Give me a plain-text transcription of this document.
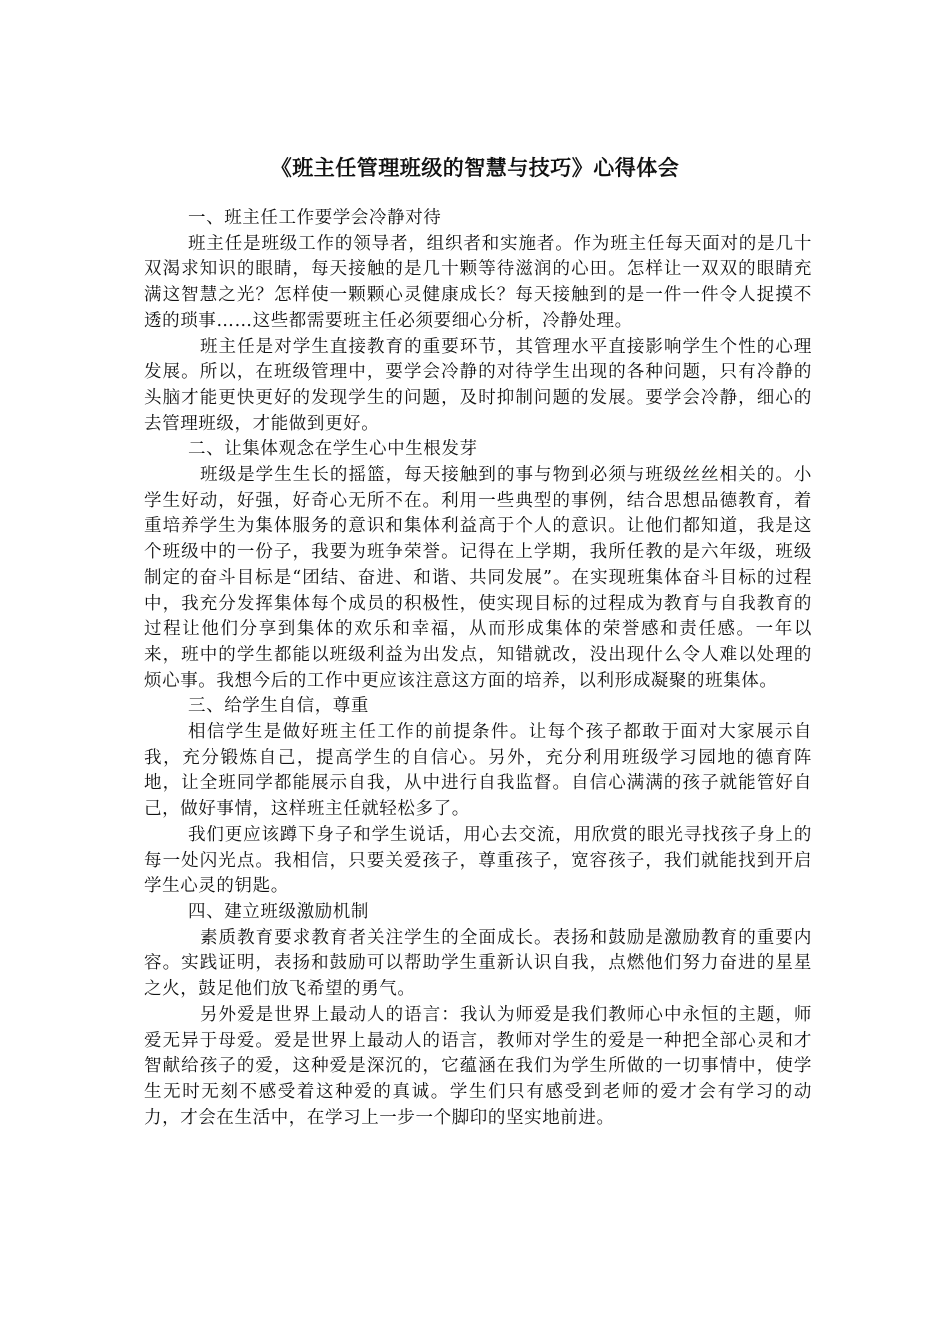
《班主任管理班级的智慧与技巧》心得体会

一、班主任工作要学会冷静对待

班主任是班级工作的领导者，组织者和实施者。作为班主任每天面对的是几十双渴求知识的眼睛，每天接触的是几十颗等待滋润的心田。怎样让一双双的眼睛充满这智慧之光？怎样使一颗颗心灵健康成长？每天接触到的是一件一件令人捉摸不透的琐事……这些都需要班主任必须要细心分析，冷静处理。

班主任是对学生直接教育的重要环节，其管理水平直接影响学生个性的心理发展。所以，在班级管理中，要学会冷静的对待学生出现的各种问题，只有冷静的头脑才能更快更好的发现学生的问题，及时抑制问题的发展。要学会冷静，细心的去管理班级，才能做到更好。

二、让集体观念在学生心中生根发芽

班级是学生生长的摇篮，每天接触到的事与物到必须与班级丝丝相关的。小学生好动，好强，好奇心无所不在。利用一些典型的事例，结合思想品德教育，着重培养学生为集体服务的意识和集体利益高于个人的意识。让他们都知道，我是这个班级中的一份子，我要为班争荣誉。记得在上学期，我所任教的是六年级，班级制定的奋斗目标是“团结、奋进、和谐、共同发展”。在实现班集体奋斗目标的过程中，我充分发挥集体每个成员的积极性，使实现目标的过程成为教育与自我教育的过程让他们分享到集体的欢乐和幸福，从而形成集体的荣誉感和责任感。一年以来，班中的学生都能以班级利益为出发点，知错就改，没出现什么令人难以处理的烦心事。我想今后的工作中更应该注意这方面的培养，以利形成凝聚的班集体。

三、给学生自信，尊重

相信学生是做好班主任工作的前提条件。让每个孩子都敢于面对大家展示自我，充分锻炼自己，提高学生的自信心。另外，充分利用班级学习园地的德育阵地，让全班同学都能展示自我，从中进行自我监督。自信心满满的孩子就能管好自己，做好事情，这样班主任就轻松多了。

我们更应该蹲下身子和学生说话，用心去交流，用欣赏的眼光寻找孩子身上的每一处闪光点。我相信，只要关爱孩子，尊重孩子，宽容孩子，我们就能找到开启学生心灵的钥匙。

四、建立班级激励机制

素质教育要求教育者关注学生的全面成长。表扬和鼓励是激励教育的重要内容。实践证明，表扬和鼓励可以帮助学生重新认识自我，点燃他们努力奋进的星星之火，鼓足他们放飞希望的勇气。

另外爱是世界上最动人的语言：我认为师爱是我们教师心中永恒的主题，师爱无异于母爱。爱是世界上最动人的语言，教师对学生的爱是一种把全部心灵和才智献给孩子的爱，这种爱是深沉的，它蕴涵在我们为学生所做的一切事情中，使学生无时无刻不感受着这种爱的真诚。学生们只有感受到老师的爱才会有学习的动力，才会在生活中，在学习上一步一个脚印的坚实地前进。
